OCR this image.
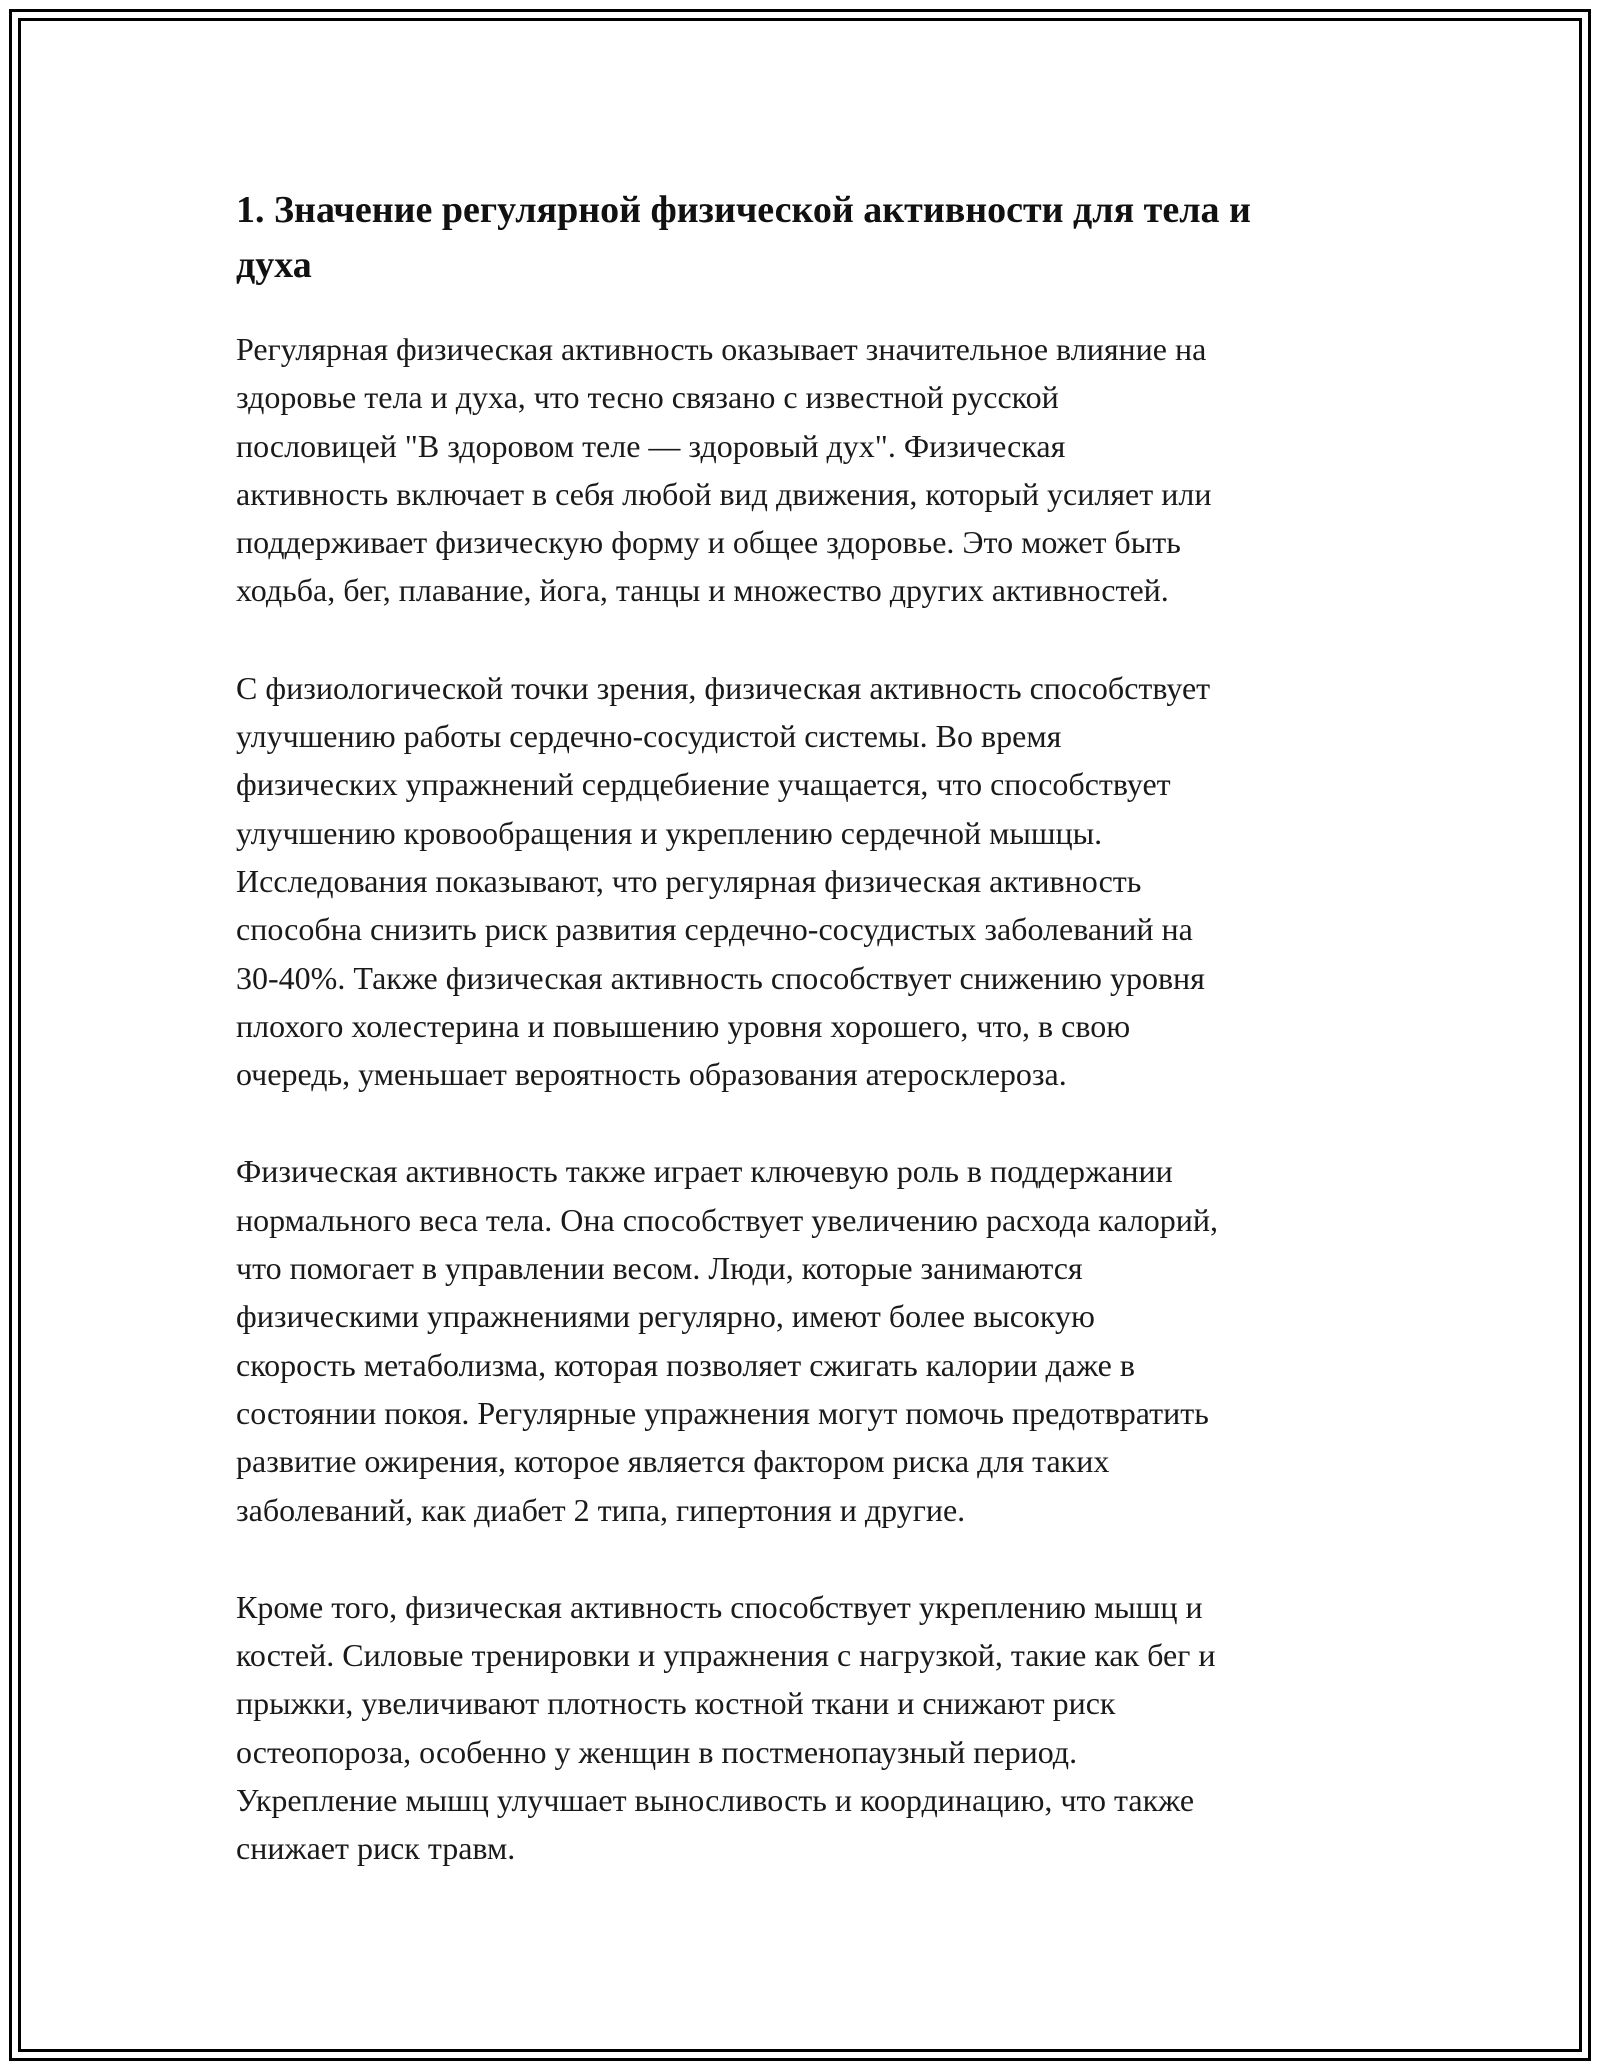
1. Значение регулярной физической активности для тела и
духа

Регулярная физическая активность оказывает значительное влияние на
здоровье тела и духа, что тесно связано с известной русской
пословицей "В здоровом теле — здоровый дух". Физическая
активность включает в себя любой вид движения, который усиляет или
поддерживает физическую форму и общее здоровье. Это может быть
ходьба, бег, плавание, йога, танцы и множество других активностей.

С физиологической точки зрения, физическая активность способствует
улучшению работы сердечно-сосудистой системы. Во время
физических упражнений сердцебиение учащается, что способствует
улучшению кровообращения и укреплению сердечной мышцы.
Исследования показывают, что регулярная физическая активность
способна снизить риск развития сердечно-сосудистых заболеваний на
30-40%. Также физическая активность способствует снижению уровня
плохого холестерина и повышению уровня хорошего, что, в свою
очередь, уменьшает вероятность образования атеросклероза.

Физическая активность также играет ключевую роль в поддержании
нормального веса тела. Она способствует увеличению расхода калорий,
что помогает в управлении весом. Люди, которые занимаются
физическими упражнениями регулярно, имеют более высокую
скорость метаболизма, которая позволяет сжигать калории даже в
состоянии покоя. Регулярные упражнения могут помочь предотвратить
развитие ожирения, которое является фактором риска для таких
заболеваний, как диабет 2 типа, гипертония и другие.

Кроме того, физическая активность способствует укреплению мышц и
костей. Силовые тренировки и упражнения с нагрузкой, такие как бег и
прыжки, увеличивают плотность костной ткани и снижают риск
остеопороза, особенно у женщин в постменопаузный период.
Укрепление мышц улучшает выносливость и координацию, что также
снижает риск травм.
